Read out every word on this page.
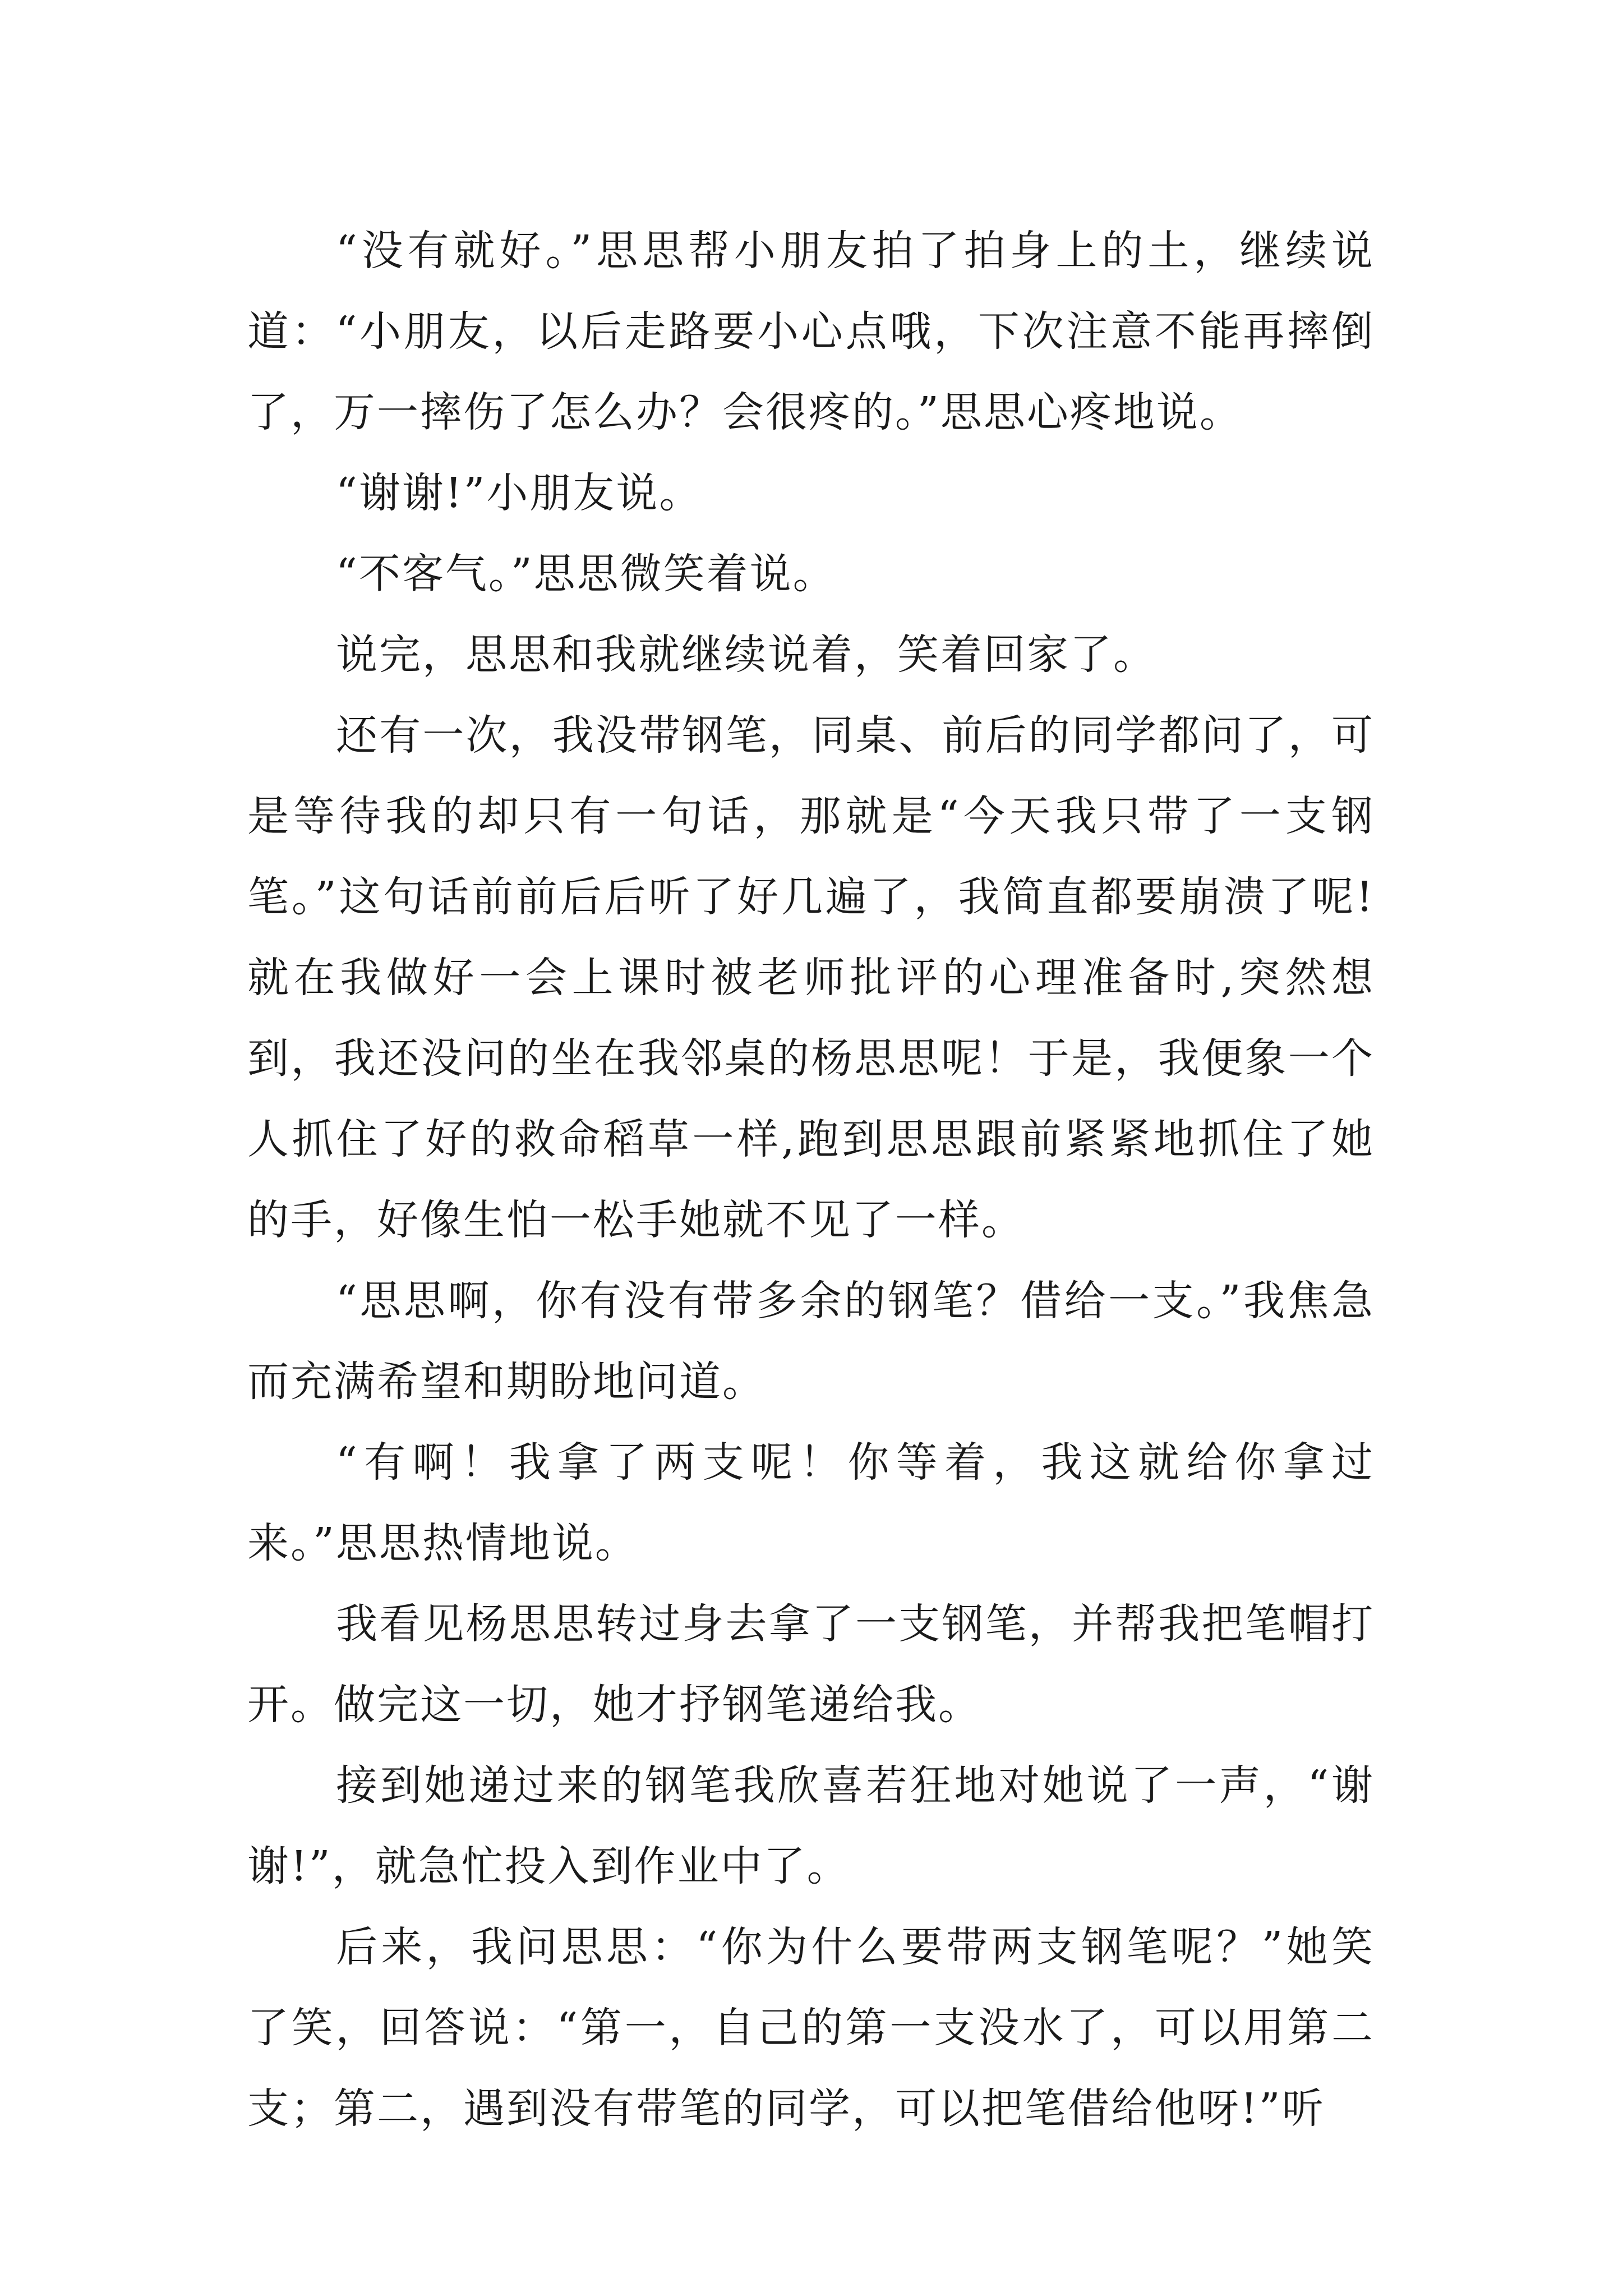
“没有就好。”思思帮小朋友拍了拍身上的土，继续说道：“小朋友，以后走路要小心点哦，下次注意不能再摔倒了，万一摔伤了怎么办？会很疼的。”思思心疼地说。

“谢谢!”小朋友说。

“不客气。”思思微笑着说。

说完，思思和我就继续说着，笑着回家了。

还有一次，我没带钢笔，同桌、前后的同学都问了，可是等待我的却只有一句话，那就是“今天我只带了一支钢笔。”这句话前前后后听了好几遍了，我简直都要崩溃了呢!就在我做好一会上课时被老师批评的心理准备时,突然想到，我还没问的坐在我邻桌的杨思思呢！于是，我便象一个人抓住了好的救命稻草一样,跑到思思跟前紧紧地抓住了她的手，好像生怕一松手她就不见了一样。

“思思啊，你有没有带多余的钢笔？借给一支。”我焦急而充满希望和期盼地问道。

“有啊！我拿了两支呢！你等着，我这就给你拿过来。”思思热情地说。

我看见杨思思转过身去拿了一支钢笔，并帮我把笔帽打开。做完这一切，她才抒钢笔递给我。

接到她递过来的钢笔我欣喜若狂地对她说了一声，“谢谢!”，就急忙投入到作业中了。

后来，我问思思：“你为什么要带两支钢笔呢？”她笑了笑，回答说：“第一，自己的第一支没水了，可以用第二支；第二，遇到没有带笔的同学，可以把笔借给他呀!”听
